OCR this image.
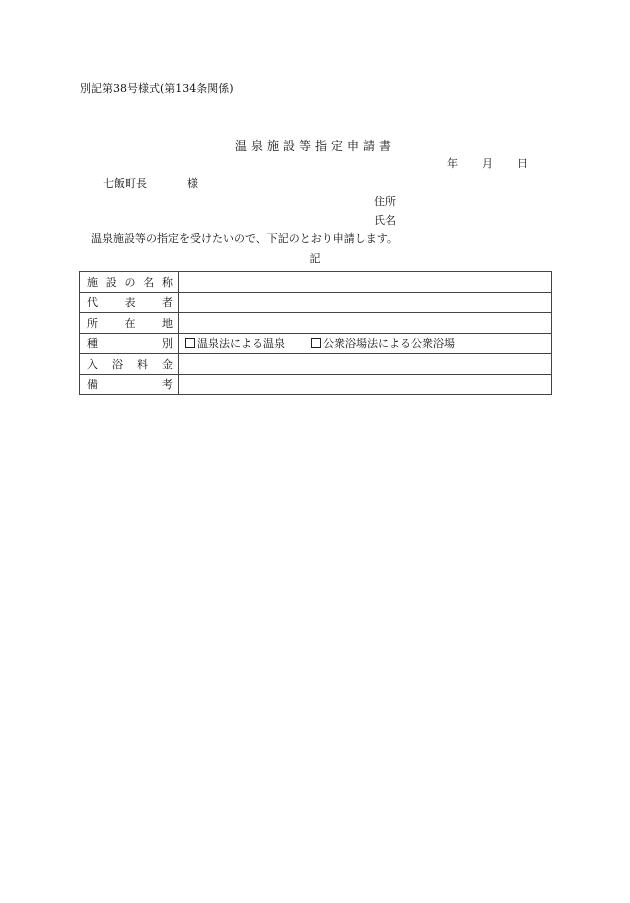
別記第38号様式(第134条関係)
温泉施設等指定申請書
年 月 日
七飯町長	様
住所
氏名
温泉施設等の指定を受けたいので、下記のとおり申請します。
記
施 設 の 名 称	

代 表 者	

所 在 地	

種 別	温泉法による温泉 公衆浴場法による公衆浴場

入 浴 料 金	

備 考	
